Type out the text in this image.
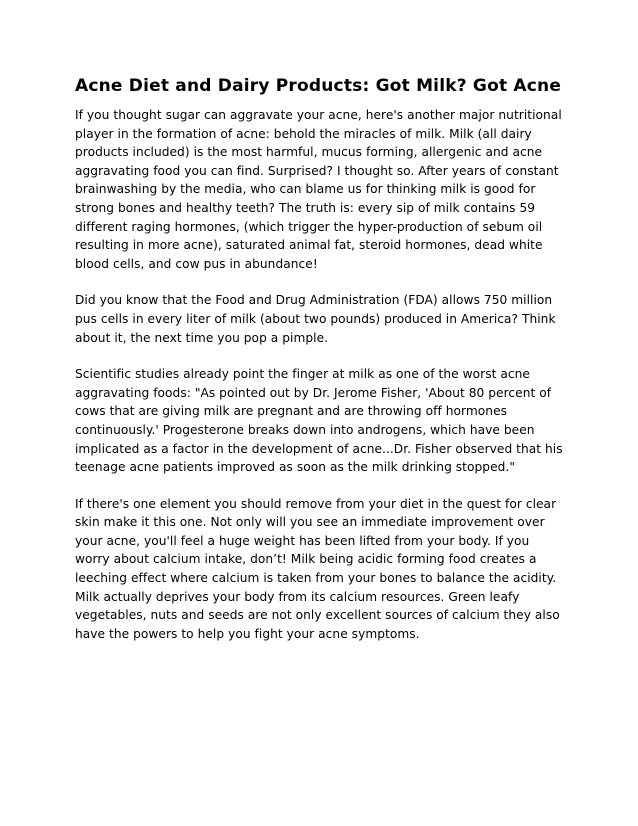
Acne Diet and Dairy Products: Got Milk? Got Acne

If you thought sugar can aggravate your acne, here's another major nutritional player in the formation of acne: behold the miracles of milk. Milk (all dairy products included) is the most harmful, mucus forming, allergenic and acne aggravating food you can find. Surprised? I thought so. After years of constant brainwashing by the media, who can blame us for thinking milk is good for strong bones and healthy teeth? The truth is: every sip of milk contains 59 different raging hormones, (which trigger the hyper-production of sebum oil resulting in more acne), saturated animal fat, steroid hormones, dead white blood cells, and cow pus in abundance!

Did you know that the Food and Drug Administration (FDA) allows 750 million pus cells in every liter of milk (about two pounds) produced in America? Think about it, the next time you pop a pimple.

Scientific studies already point the finger at milk as one of the worst acne aggravating foods: "As pointed out by Dr. Jerome Fisher, 'About 80 percent of cows that are giving milk are pregnant and are throwing off hormones continuously.' Progesterone breaks down into androgens, which have been implicated as a factor in the development of acne...Dr. Fisher observed that his teenage acne patients improved as soon as the milk drinking stopped."

If there's one element you should remove from your diet in the quest for clear skin make it this one. Not only will you see an immediate improvement over your acne, you'll feel a huge weight has been lifted from your body. If you worry about calcium intake, don’t! Milk being acidic forming food creates a leeching effect where calcium is taken from your bones to balance the acidity. Milk actually deprives your body from its calcium resources. Green leafy vegetables, nuts and seeds are not only excellent sources of calcium they also have the powers to help you fight your acne symptoms.
